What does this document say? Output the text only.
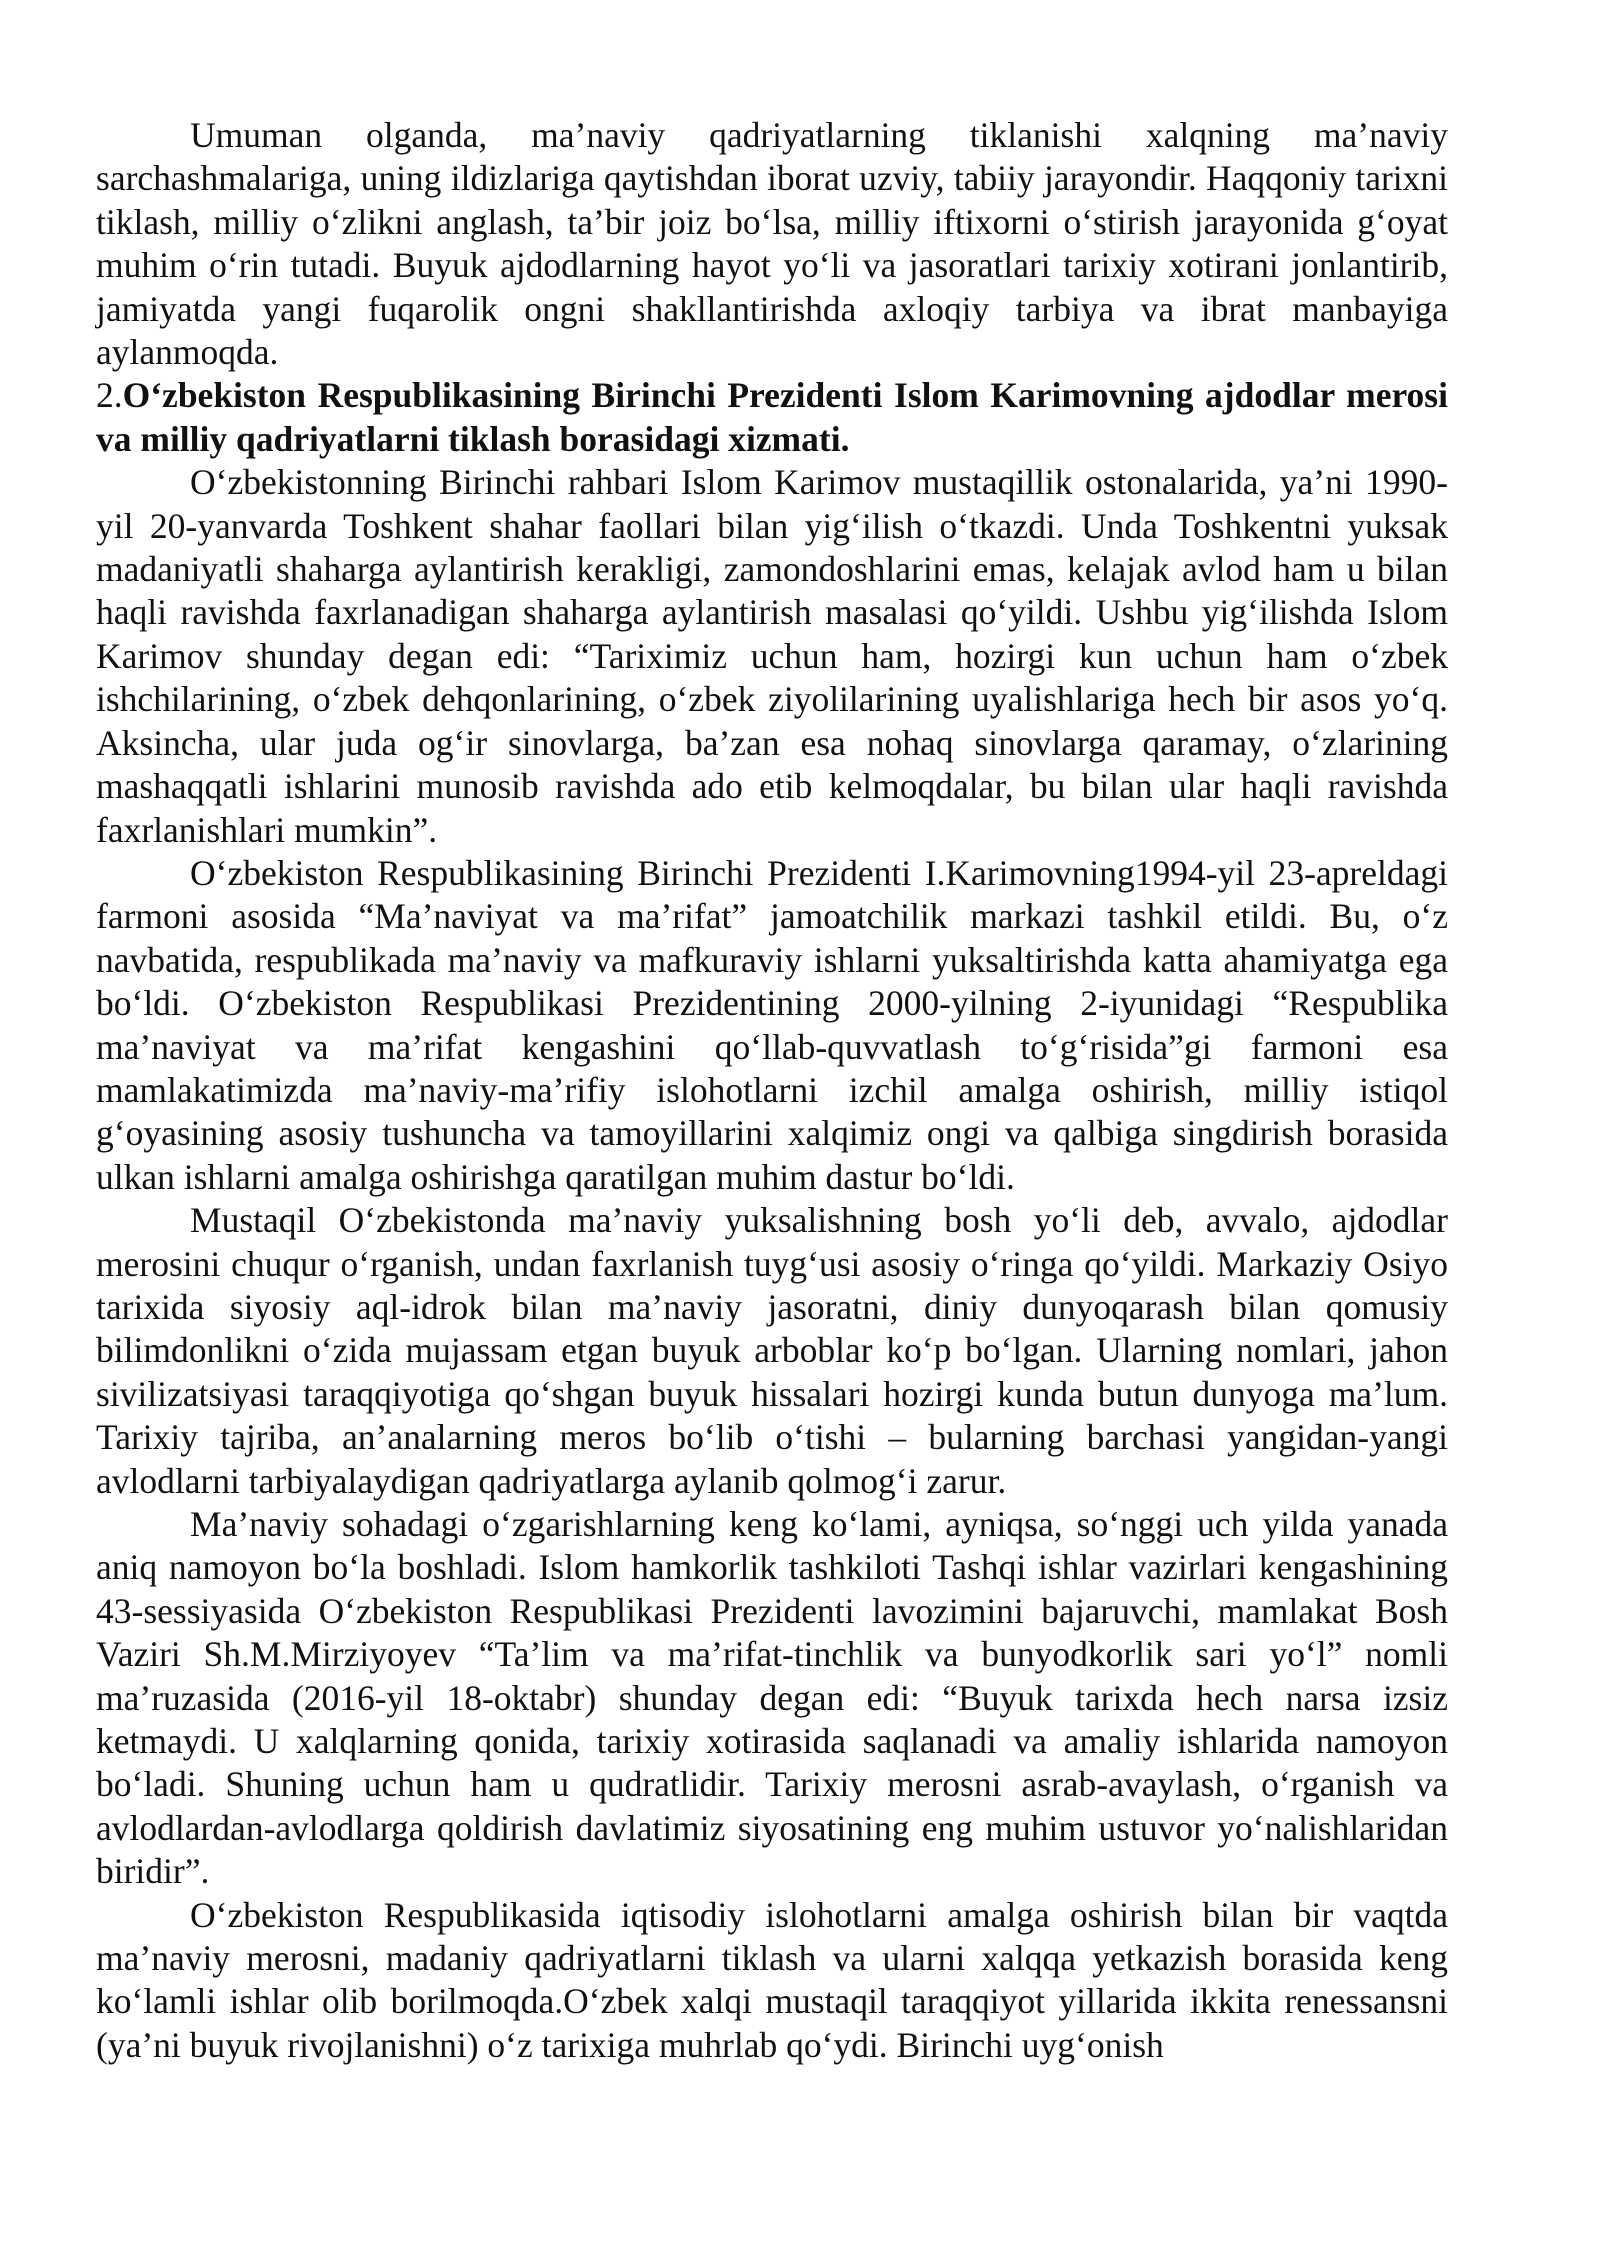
Umuman olganda, ma’naviy qadriyatlarning tiklanishi xalqning ma’naviy sarchashmalariga, uning ildizlariga qaytishdan iborat uzviy, tabiiy jarayondir. Haqqoniy tarixni tiklash, milliy o‘zlikni anglash, ta’bir joiz bo‘lsa, milliy iftixorni o‘stirish jarayonida g‘oyat muhim o‘rin tutadi. Buyuk ajdodlarning hayot yo‘li va jasoratlari tarixiy xotirani jonlantirib, jamiyatda yangi fuqarolik ongni shakllantirishda axloqiy tarbiya va ibrat manbayiga aylanmoqda.

2.O‘zbekiston Respublikasining Birinchi Prezidenti Islom Karimovning ajdodlar merosi va milliy qadriyatlarni tiklash borasidagi xizmati.

O‘zbekistonning Birinchi rahbari Islom Karimov mustaqillik ostonalarida, ya’ni 1990-yil 20-yanvarda Toshkent shahar faollari bilan yig‘ilish o‘tkazdi. Unda Toshkentni yuksak madaniyatli shaharga aylantirish kerakligi, zamondoshlarini emas, kelajak avlod ham u bilan haqli ravishda faxrlanadigan shaharga aylantirish masalasi qo‘yildi. Ushbu yig‘ilishda Islom Karimov shunday degan edi: “Tariximiz uchun ham, hozirgi kun uchun ham o‘zbek ishchilarining, o‘zbek dehqonlarining, o‘zbek ziyolilarining uyalishlariga hech bir asos yo‘q. Aksincha, ular juda og‘ir sinovlarga, ba’zan esa nohaq sinovlarga qaramay, o‘zlarining mashaqqatli ishlarini munosib ravishda ado etib kelmoqdalar, bu bilan ular haqli ravishda faxrlanishlari mumkin”.

O‘zbekiston Respublikasining Birinchi Prezidenti I.Karimovning1994-yil 23-apreldagi farmoni asosida “Ma’naviyat va ma’rifat” jamoatchilik markazi tashkil etildi. Bu, o‘z navbatida, respublikada ma’naviy va mafkuraviy ishlarni yuksaltirishda katta ahamiyatga ega bo‘ldi. O‘zbekiston Respublikasi Prezidentining 2000-yilning 2-iyunidagi “Respublika ma’naviyat va ma’rifat kengashini qo‘llab-quvvatlash to‘g‘risida”gi farmoni esa mamlakatimizda ma’naviy-ma’rifiy islohotlarni izchil amalga oshirish, milliy istiqol g‘oyasining asosiy tushuncha va tamoyillarini xalqimiz ongi va qalbiga singdirish borasida ulkan ishlarni amalga oshirishga qaratilgan muhim dastur bo‘ldi.

Mustaqil O‘zbekistonda ma’naviy yuksalishning bosh yo‘li deb, avvalo, ajdodlar merosini chuqur o‘rganish, undan faxrlanish tuyg‘usi asosiy o‘ringa qo‘yildi. Markaziy Osiyo tarixida siyosiy aql-idrok bilan ma’naviy jasoratni, diniy dunyoqarash bilan qomusiy bilimdonlikni o‘zida mujassam etgan buyuk arboblar ko‘p bo‘lgan. Ularning nomlari, jahon sivilizatsiyasi taraqqiyotiga qo‘shgan buyuk hissalari hozirgi kunda butun dunyoga ma’lum. Tarixiy tajriba, an’analarning meros bo‘lib o‘tishi – bularning barchasi yangidan-yangi avlodlarni tarbiyalaydigan qadriyatlarga aylanib qolmog‘i zarur.

Ma’naviy sohadagi o‘zgarishlarning keng ko‘lami, ayniqsa, so‘nggi uch yilda yanada aniq namoyon bo‘la boshladi. Islom hamkorlik tashkiloti Tashqi ishlar vazirlari kengashining 43-sessiyasida O‘zbekiston Respublikasi Prezidenti lavozimini bajaruvchi, mamlakat Bosh Vaziri Sh.M.Mirziyoyev “Ta’lim va ma’rifat-tinchlik va bunyodkorlik sari yo‘l” nomli ma’ruzasida (2016-yil 18-oktabr) shunday degan edi: “Buyuk tarixda hech narsa izsiz ketmaydi. U xalqlarning qonida, tarixiy xotirasida saqlanadi va amaliy ishlarida namoyon bo‘ladi. Shuning uchun ham u qudratlidir. Tarixiy merosni asrab-avaylash, o‘rganish va avlodlardan-avlodlarga qoldirish davlatimiz siyosatining eng muhim ustuvor yo‘nalishlaridan biridir”.

O‘zbekiston Respublikasida iqtisodiy islohotlarni amalga oshirish bilan bir vaqtda ma’naviy merosni, madaniy qadriyatlarni tiklash va ularni xalqqa yetkazish borasida keng ko‘lamli ishlar olib borilmoqda.O‘zbek xalqi mustaqil taraqqiyot yillarida ikkita renessansni (ya’ni buyuk rivojlanishni) o‘z tarixiga muhrlab qo‘ydi. Birinchi uyg‘onish
